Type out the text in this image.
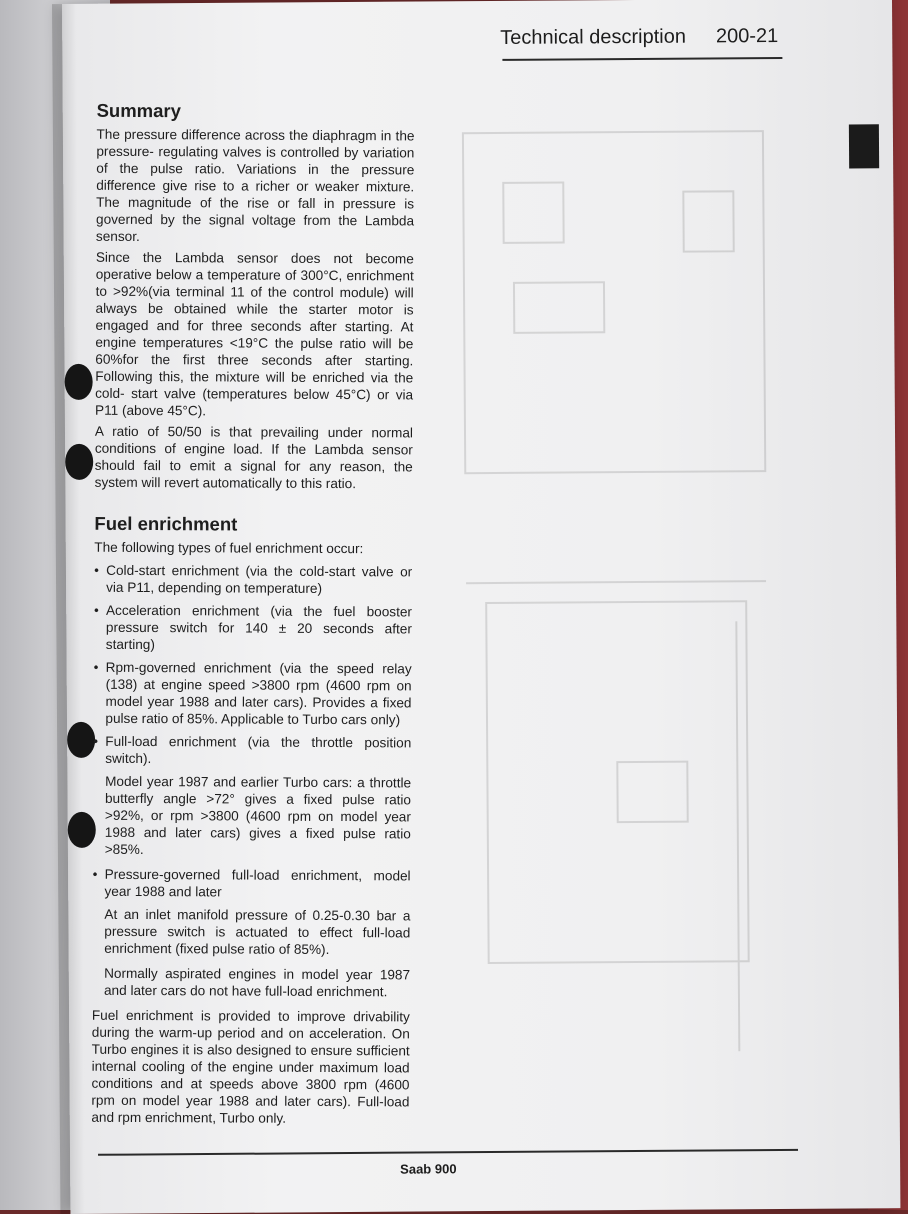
Technical description 200-21
Summary

The pressure difference across the diaphragm in the pressure- regulating valves is controlled by variation of the pulse ratio. Variations in the pressure difference give rise to a richer or weaker mixture. The magnitude of the rise or fall in pressure is governed by the signal voltage from the Lambda sensor.

Since the Lambda sensor does not become operative below a temperature of 300°C, enrichment to >92%(via terminal 11 of the control module) will always be obtained while the starter motor is engaged and for three seconds after starting. At engine temperatures <19°C the pulse ratio will be 60%for the first three seconds after starting. Following this, the mixture will be enriched via the cold- start valve (temperatures below 45°C) or via P11 (above 45°C).

A ratio of 50/50 is that prevailing under normal conditions of engine load. If the Lambda sensor should fail to emit a signal for any reason, the system will revert automatically to this ratio.

Fuel enrichment

The following types of fuel enrichment occur:

• Cold-start enrichment (via the cold-start valve or via P11, depending on temperature)
• Acceleration enrichment (via the fuel booster pressure switch for 140 ± 20 seconds after starting)
• Rpm-governed enrichment (via the speed relay (138) at engine speed >3800 rpm (4600 rpm on model year 1988 and later cars). Provides a fixed pulse ratio of 85%. Applicable to Turbo cars only)
• Full-load enrichment (via the throttle position switch).

Model year 1987 and earlier Turbo cars: a throttle butterfly angle >72° gives a fixed pulse ratio >92%, or rpm >3800 (4600 rpm on model year 1988 and later cars) gives a fixed pulse ratio >85%.

• Pressure-governed full-load enrichment, model year 1988 and later

At an inlet manifold pressure of 0.25-0.30 bar a pressure switch is actuated to effect full-load enrichment (fixed pulse ratio of 85%).

Normally aspirated engines in model year 1987 and later cars do not have full-load enrichment.

Fuel enrichment is provided to improve drivability during the warm-up period and on acceleration. On Turbo engines it is also designed to ensure sufficient internal cooling of the engine under maximum load conditions and at speeds above 3800 rpm (4600 rpm on model year 1988 and later cars). Full-load and rpm enrichment, Turbo only.

Saab 900
